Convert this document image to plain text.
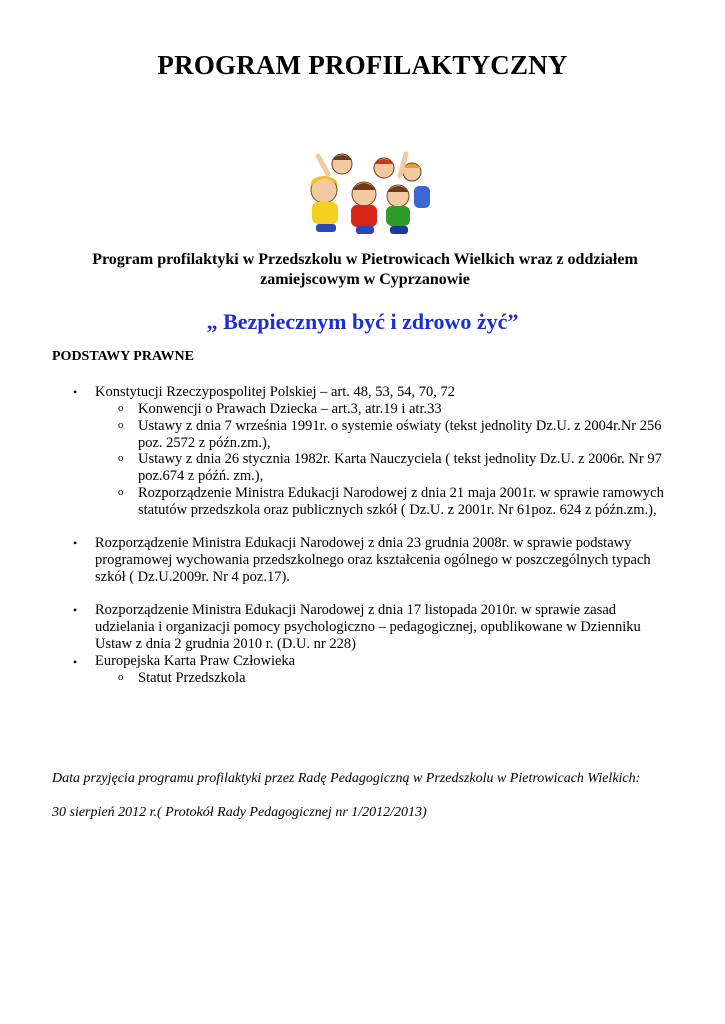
PROGRAM PROFILAKTYCZNY
Program profilaktyki w Przedszkolu w Pietrowicach Wielkich wraz z oddziałem
zamiejscowym w Cyprzanowie
„ Bezpiecznym być i zdrowo żyć”
PODSTAWY PRAWNE
• Konstytucji Rzeczypospolitej Polskiej – art. 48, 53, 54, 70, 72
o Konwencji o Prawach Dziecka – art.3, atr.19 i atr.33
o Ustawy z dnia 7 września 1991r. o systemie oświaty (tekst jednolity Dz.U. z 2004r.Nr 256
poz. 2572 z późn.zm.),
o Ustawy z dnia 26 stycznia 1982r. Karta Nauczyciela ( tekst jednolity Dz.U. z 2006r. Nr 97
poz.674 z późń. zm.),
o Rozporządzenie Ministra Edukacji Narodowej z dnia 21 maja 2001r. w sprawie ramowych
statutów przedszkola oraz publicznych szkół ( Dz.U. z 2001r. Nr 61poz. 624 z późn.zm.),
• Rozporządzenie Ministra Edukacji Narodowej z dnia 23 grudnia 2008r. w sprawie podstawy
programowej wychowania przedszkolnego oraz kształcenia ogólnego w poszczególnych typach
szkół ( Dz.U.2009r. Nr 4 poz.17).
• Rozporządzenie Ministra Edukacji Narodowej z dnia 17 listopada 2010r. w sprawie zasad
udzielania i organizacji pomocy psychologiczno – pedagogicznej, opublikowane w Dzienniku
Ustaw z dnia 2 grudnia 2010 r. (D.U. nr 228)
• Europejska Karta Praw Człowieka
o Statut Przedszkola
Data przyjęcia programu profilaktyki przez Radę Pedagogiczną w Przedszkolu w Pietrowicach Wielkich:
30 sierpień 2012 r.( Protokół Rady Pedagogicznej nr 1/2012/2013)
